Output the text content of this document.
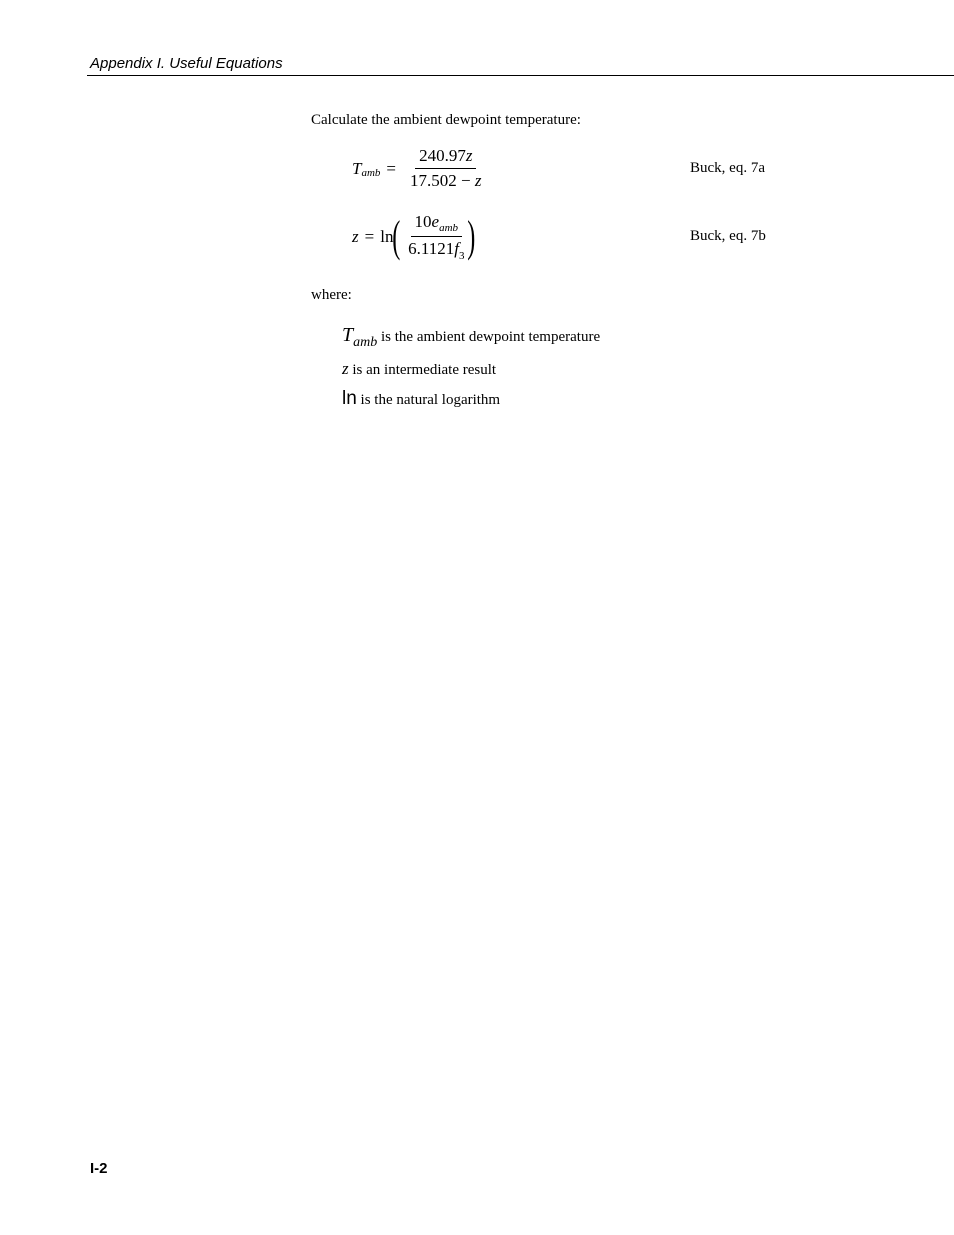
Appendix I. Useful Equations
Calculate the ambient dewpoint temperature:
T amb = $\frac{240.97z}{17.502 - z}$	Buck, eq. 7a
z = ln ( $\frac{10e_{amb}}{6.1121f_3}$ )	Buck, eq. 7b
where:
Tamb is the ambient dewpoint temperature
z is an intermediate result
ln is the natural logarithm
I-2
